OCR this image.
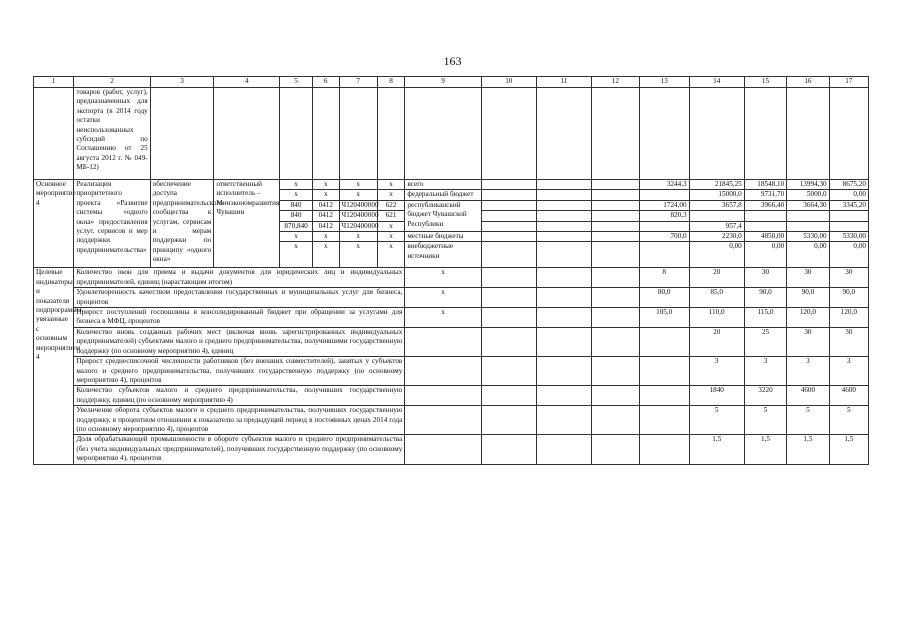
163
1	2	3	4	5	6	7	8	9	10	11	12	13	14	15	16	17
	товаров (работ, услуг), предназначенных для экспорта (в 2014 году остатки неиспользованных субсидий по Соглашению от 25 августа 2012 г. № 049-МБ-12)															
Основное мероприятие 4	Реализация приоритетного проекта «Развитие системы «одного окна» предоставления услуг, сервисов и мер поддержки предпринимательства»	обеспечение доступа предпринимательского сообщества к услугам, сервисам и мерам поддержки по принципу «одного окна»	ответственный исполнитель – Минэкономразвития Чувашии	x	x	x	x	всего				3244,3	21845,25	18548,10	13994,30	8675,20
				x	x	x	x	федеральный бюджет					15000,0	9731,70	5000,0	0,00
				840	0412	Ч120400000	622	республиканский бюджет Чувашской Республики				1724,00	3657,8	3966,40	3664,30	3345,20
				840	0412	Ч120400000	621					820,3				
				870,840	0412	Ч120400000	x						957,4			
				x	x	x	x	местные бюджеты				700,0	2230,0	4850,00	5330,00	5330,00
				x	x	x	x	внебюджетные источники					0,00	0,00	0,00	0,00
Целевые индикаторы и показатели подпрограммы, увязанные с основным мероприятием 4	Количество окон для приема и выдачи документов для юридических лиц и индивидуальных предпринимателей, единиц (нарастающим итогом)							x				8	20	30	30	30
	Удовлетворенность качеством предоставления государственных и муниципальных услуг для бизнеса, процентов							x				80,0	85,0	90,0	90,0	90,0
	Прирост поступлений госпошлины в консолидированный бюджет при обращении за услугами для бизнеса в МФЦ, процентов							x				105,0	110,0	115,0	120,0	120,0
	Количество вновь созданных рабочих мест (включая вновь зарегистрированных индивидуальных предпринимателей) субъектами малого и среднего предпринимательства, получившими государственную поддержку (по основному мероприятию 4), единиц												20	25	30	30
	Прирост среднесписочной численности работников (без внешних совместителей), занятых у субъектов малого и среднего предпринимательства, получивших государственную поддержку (по основному мероприятию 4), процентов												3	3	3	3
	Количество субъектов малого и среднего предпринимательства, получивших государственную поддержку, единиц (по основному мероприятию 4)												1840	3220	4600	4600
	Увеличение оборота субъектов малого и среднего предпринимательства, получивших государственную поддержку, в процентном отношении к показателю за предыдущий период в постоянных ценах 2014 года (по основному мероприятию 4), процентов												5	5	5	5
	Доля обрабатывающей промышленности в обороте субъектов малого и среднего предпринимательства (без учета индивидуальных предпринимателей), получивших государственную поддержку (по основному мероприятию 4), процентов												1,5	1,5	1,5	1,5
